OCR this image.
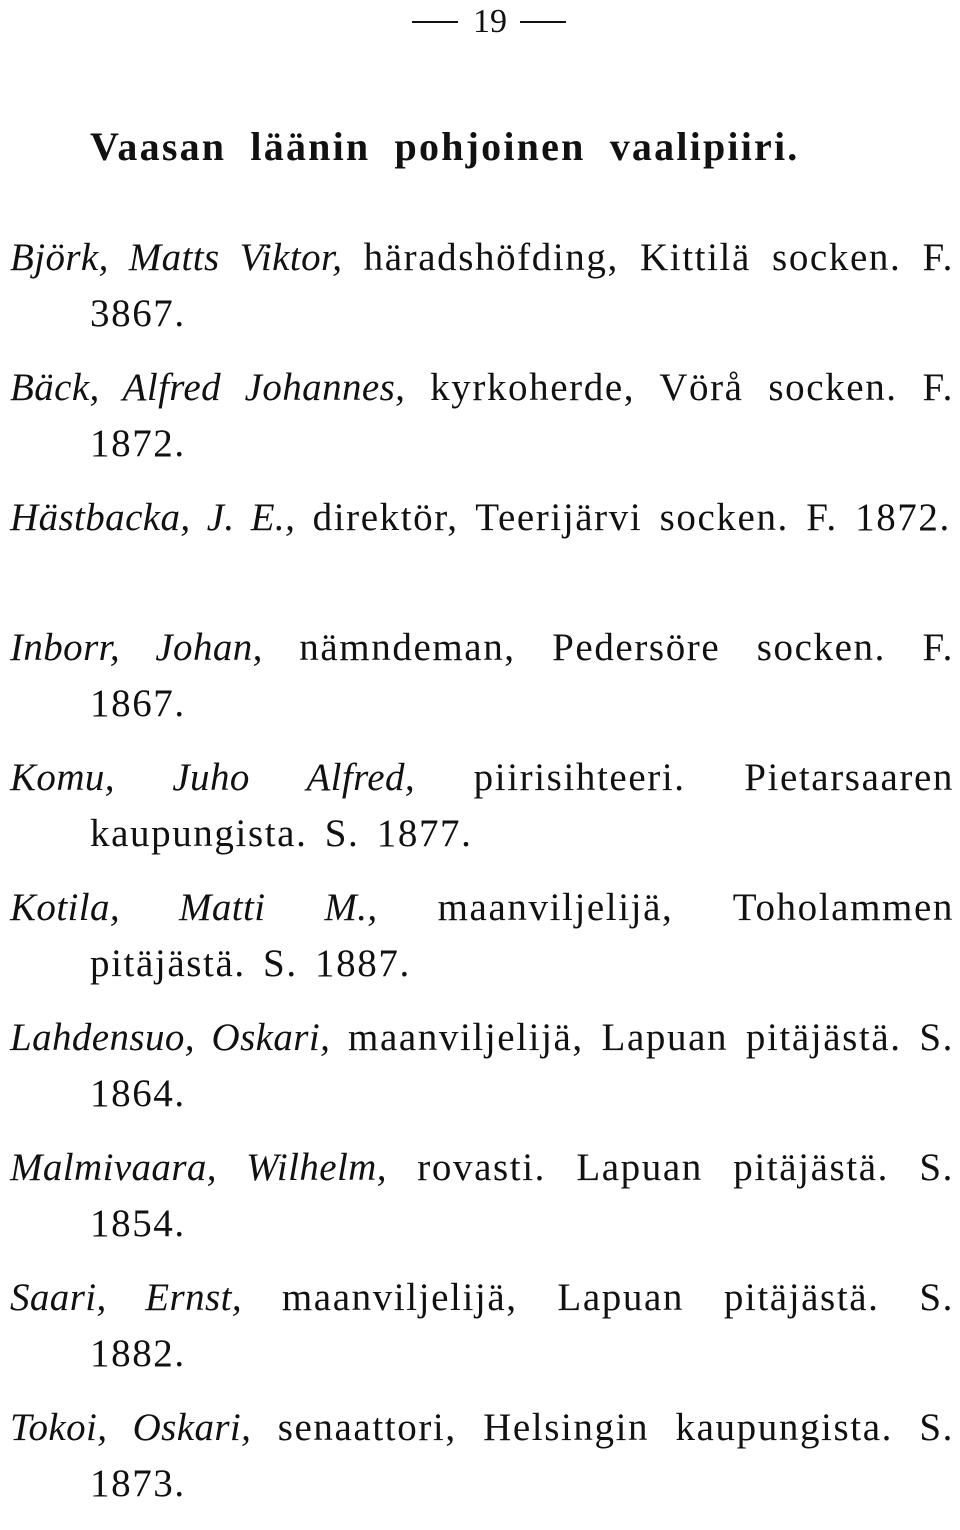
19
Vaasan läänin pohjoinen vaalipiiri.
Björk, Matts Viktor, häradshöfding, Kittilä socken. F. 3867.
Bäck, Alfred Johannes, kyrkoherde, Vörå socken. F. 1872.
Hästbacka, J. E., direktör, Teerijärvi socken. F. 1872.
Inborr, Johan, nämndeman, Pedersöre socken. F. 1867.
Komu, Juho Alfred, piirisihteeri. Pietarsaaren kaupungista. S. 1877.
Kotila, Matti M., maanviljelijä, Toholammen pitäjästä. S. 1887.
Lahdensuo, Oskari, maanviljelijä, Lapuan pitäjästä. S. 1864.
Malmivaara, Wilhelm, rovasti. Lapuan pitäjästä. S. 1854.
Saari, Ernst, maanviljelijä, Lapuan pitäjästä. S. 1882.
Tokoi, Oskari, senaattori, Helsingin kaupungista. S. 1873.
